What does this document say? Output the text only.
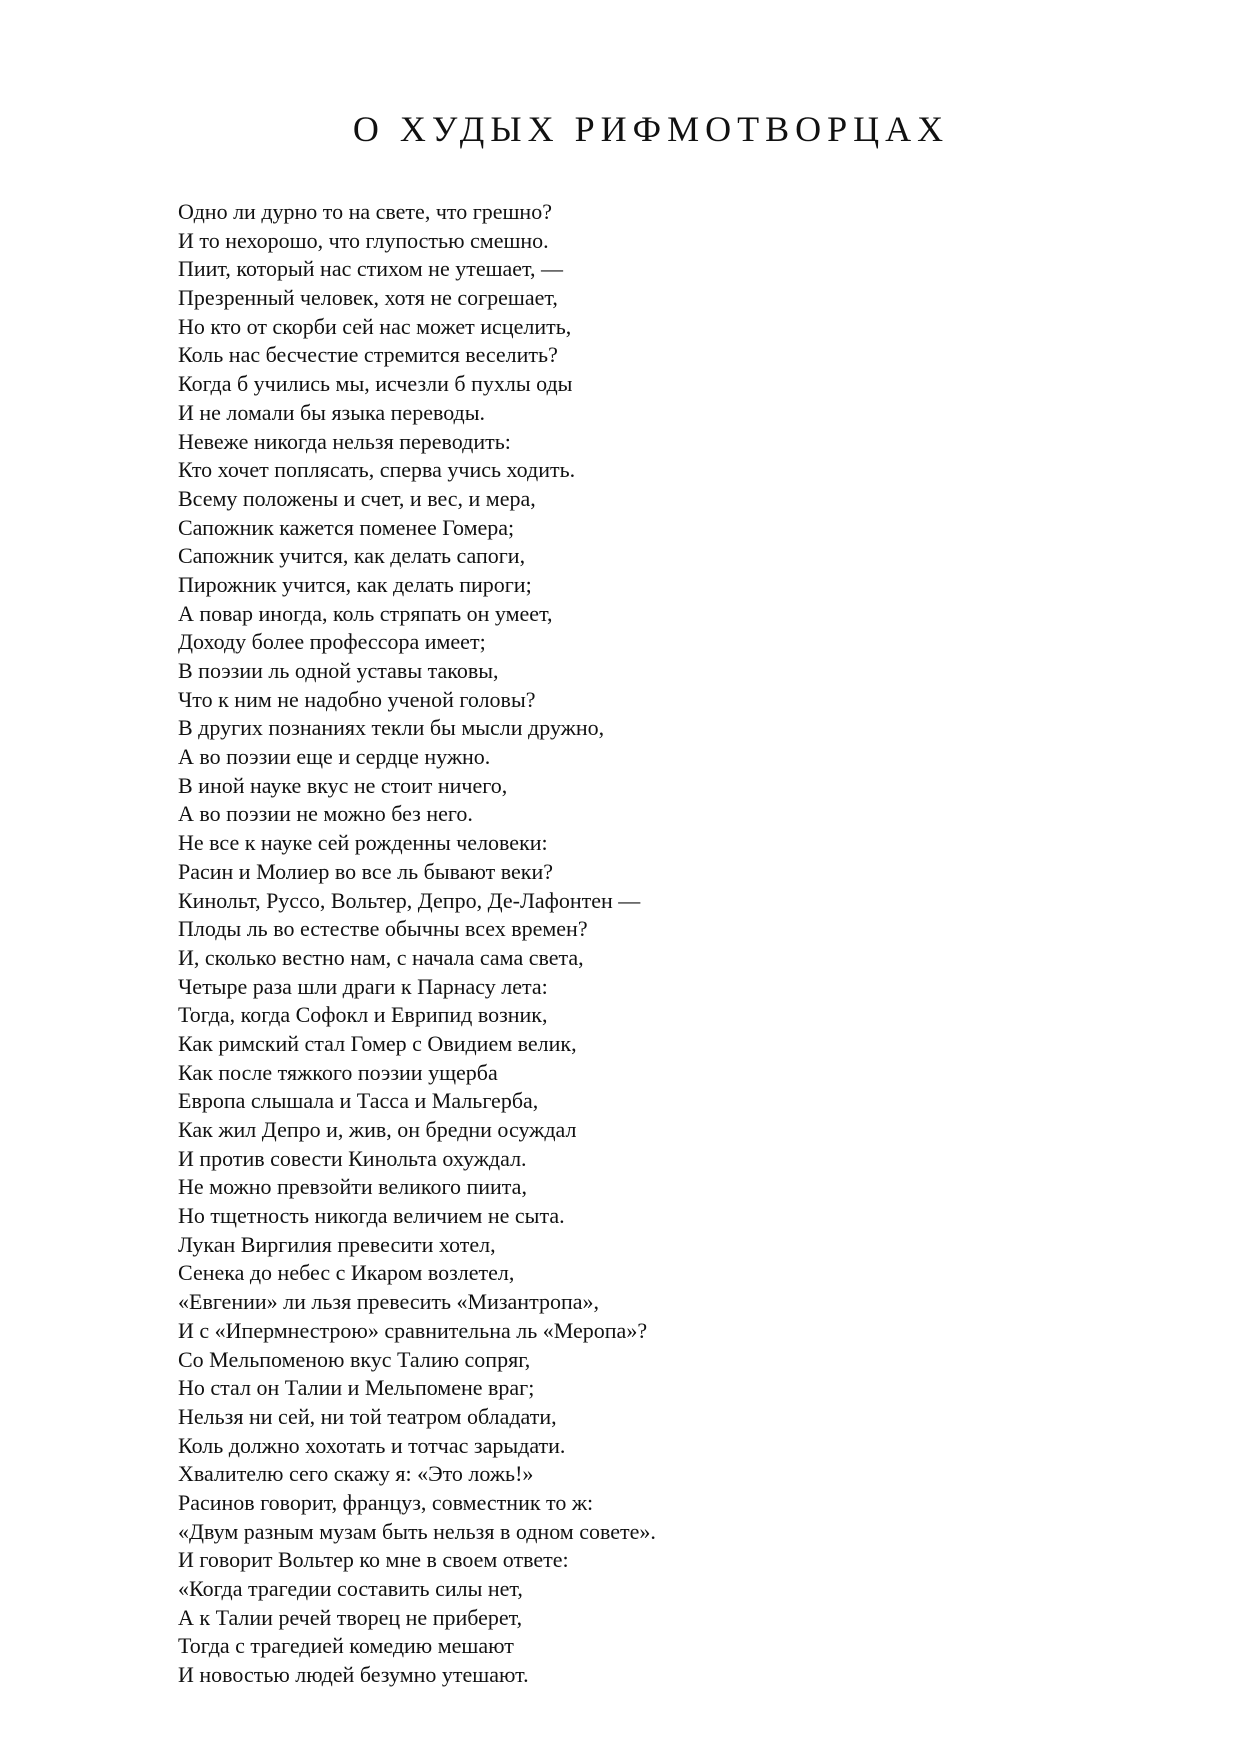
О ХУДЫХ РИФМОТВОРЦАХ
Одно ли дурно то на свете, что грешно?
И то нехорошо, что глупостью смешно.
Пиит, который нас стихом не утешает, —
Презренный человек, хотя не согрешает,
Но кто от скорби сей нас может исцелить,
Коль нас бесчестие стремится веселить?
Когда б учились мы, исчезли б пухлы оды
И не ломали бы языка переводы.
Невеже никогда нельзя переводить:
Кто хочет поплясать, сперва учись ходить.
Всему положены и счет, и вес, и мера,
Сапожник кажется поменее Гомера;
Сапожник учится, как делать сапоги,
Пирожник учится, как делать пироги;
А повар иногда, коль стряпать он умеет,
Доходу более профессора имеет;
В поэзии ль одной уставы таковы,
Что к ним не надобно ученой головы?
В других познаниях текли бы мысли дружно,
А во поэзии еще и сердце нужно.
В иной науке вкус не стоит ничего,
А во поэзии не можно без него.
Не все к науке сей рожденны человеки:
Расин и Молиер во все ль бывают веки?
Кинольт, Руссо, Вольтер, Депро, Де-Лафонтен —
Плоды ль во естестве обычны всех времен?
И, сколько вестно нам, с начала сама света,
Четыре раза шли драги к Парнасу лета:
Тогда, когда Софокл и Еврипид возник,
Как римский стал Гомер с Овидием велик,
Как после тяжкого поэзии ущерба
Европа слышала и Тасса и Мальгерба,
Как жил Депро и, жив, он бредни осуждал
И против совести Кинольта охуждал.
Не можно превзойти великого пиита,
Но тщетность никогда величием не сыта.
Лукан Виргилия превесити хотел,
Сенека до небес с Икаром возлетел,
«Евгении» ли льзя превесить «Мизантропа»,
И с «Ипермнестрою» сравнительна ль «Меропа»?
Со Мельпоменою вкус Талию сопряг,
Но стал он Талии и Мельпомене враг;
Нельзя ни сей, ни той театром обладати,
Коль должно хохотать и тотчас зарыдати.
Хвалителю сего скажу я: «Это ложь!»
Расинов говорит, француз, совместник то ж:
«Двум разным музам быть нельзя в одном совете».
И говорит Вольтер ко мне в своем ответе:
«Когда трагедии составить силы нет,
А к Талии речей творец не приберет,
Тогда с трагедией комедию мешают
И новостью людей безумно утешают.
